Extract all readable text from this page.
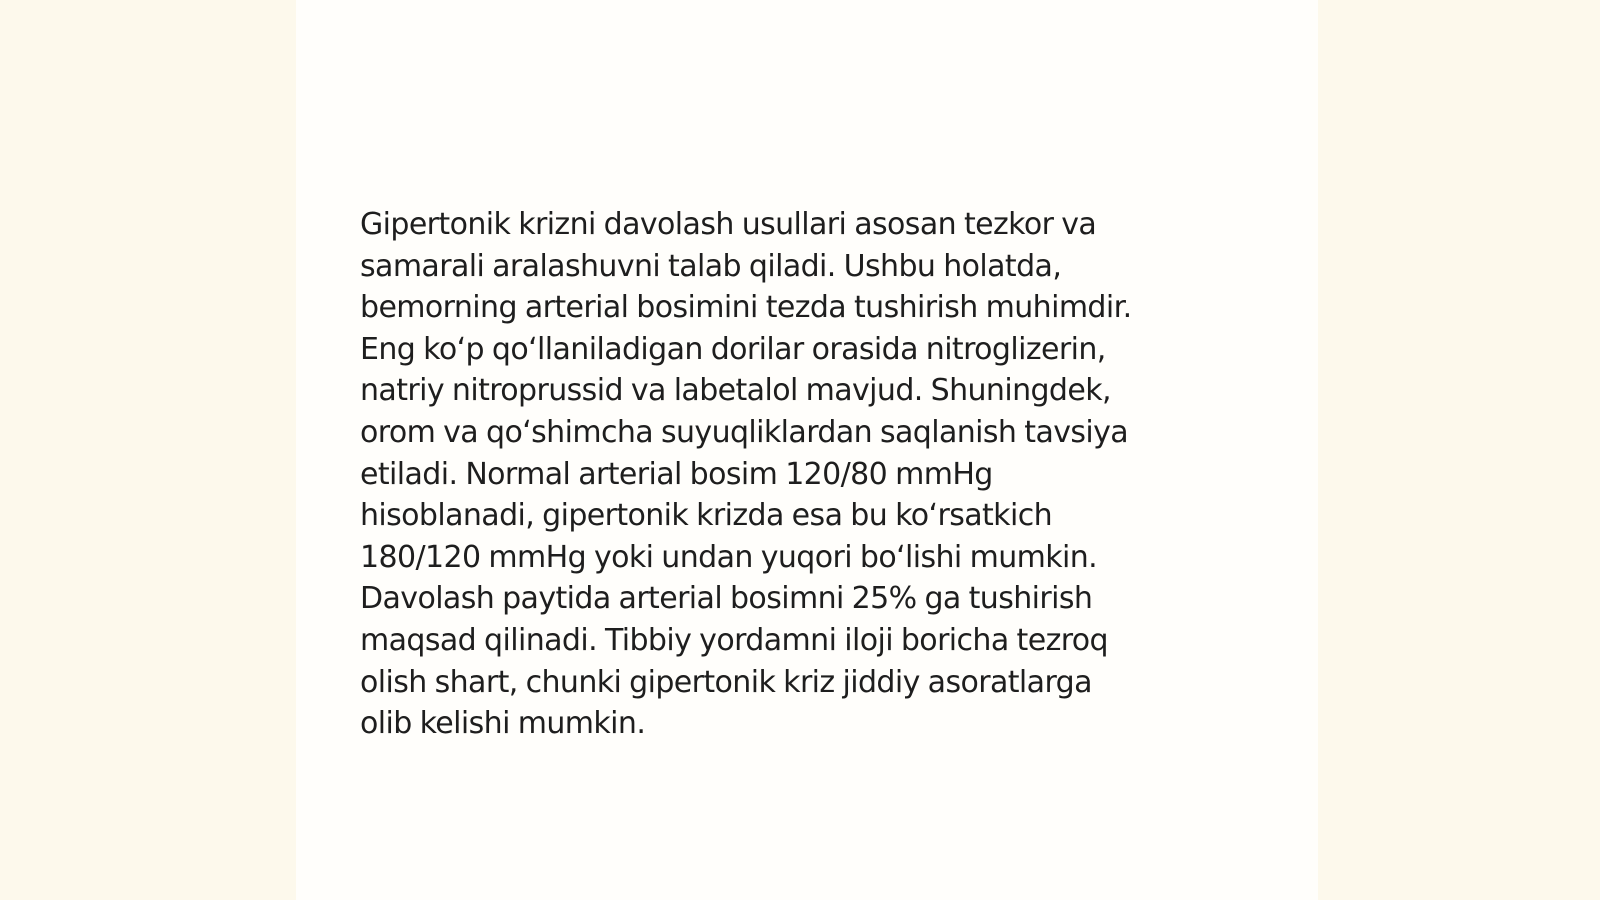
Gipertonik krizni davolash usullari asosan tezkor va
samarali aralashuvni talab qiladi. Ushbu holatda,
bemorning arterial bosimini tezda tushirish muhimdir.
Eng koʻp qoʻllaniladigan dorilar orasida nitroglizerin,
natriy nitroprussid va labetalol mavjud. Shuningdek,
orom va qoʻshimcha suyuqliklardan saqlanish tavsiya
etiladi. Normal arterial bosim 120/80 mmHg
hisoblanadi, gipertonik krizda esa bu koʻrsatkich
180/120 mmHg yoki undan yuqori boʻlishi mumkin.
Davolash paytida arterial bosimni 25% ga tushirish
maqsad qilinadi. Tibbiy yordamni iloji boricha tezroq
olish shart, chunki gipertonik kriz jiddiy asoratlarga
olib kelishi mumkin.
